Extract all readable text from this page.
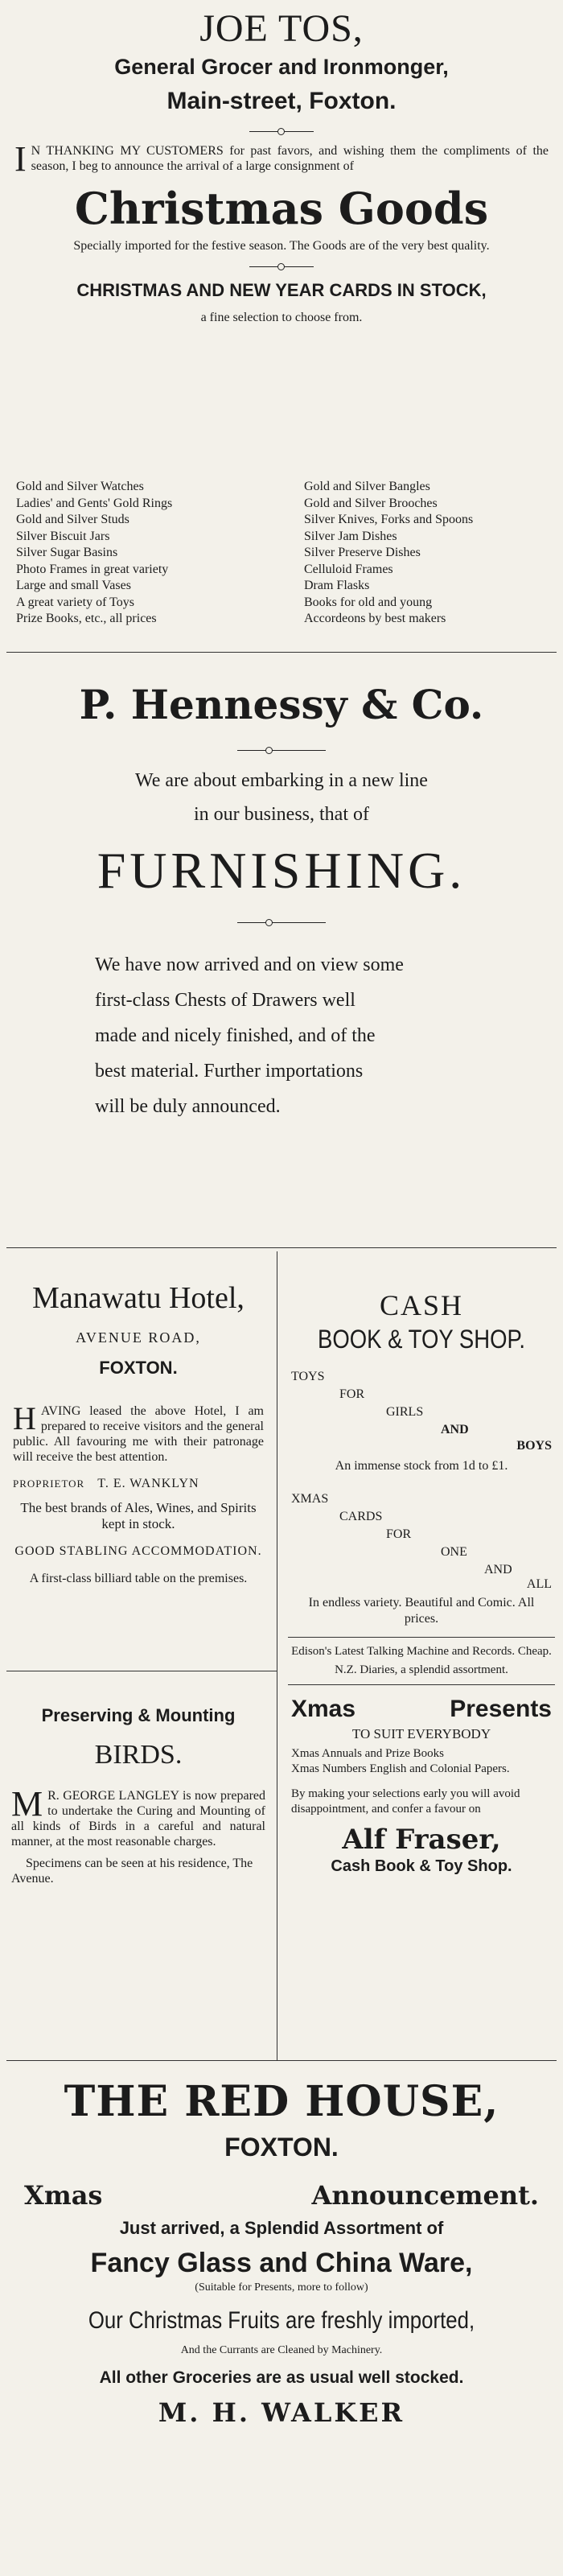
JOE TOS,
General Grocer and Ironmonger,
Main-street, Foxton.
I N THANKING MY CUSTOMERS for past favors, and wishing them the compliments of the season, I beg to announce the arrival of a large consignment of
Christmas Goods
Specially imported for the festive season. The Goods are of the very best quality.
CHRISTMAS AND NEW YEAR CARDS IN STOCK,
a fine selection to choose from.
Gold and Silver Watches
Ladies' and Gents' Gold Rings
Gold and Silver Studs
Silver Biscuit Jars
Silver Sugar Basins
Photo Frames in great variety
Large and small Vases
A great variety of Toys
Prize Books, etc., all prices
Gold and Silver Bangles
Gold and Silver Brooches
Silver Knives, Forks and Spoons
Silver Jam Dishes
Silver Preserve Dishes
Celluloid Frames
Dram Flasks
Books for old and young
Accordeons by best makers
P. Hennessy & Co.
We are about embarking in a new line
in our business, that of
FURNISHING.
We have now arrived and on view some
first-class Chests of Drawers well
made and nicely finished, and of the
best material. Further importations
will be duly announced.
Manawatu Hotel,
AVENUE ROAD,
FOXTON.
H AVING leased the above Hotel, I am prepared to receive visitors and the general public. All favouring me with their patronage will receive the best attention.
PROPRIETOR T. E. WANKLYN
The best brands of Ales, Wines, and Spirits kept in stock.
GOOD STABLING ACCOMMODATION.
A first-class billiard table on the premises.
Preserving & Mounting
BIRDS.
M R. GEORGE LANGLEY is now prepared to undertake the Curing and Mounting of all kinds of Birds in a careful and natural manner, at the most reasonable charges.
Specimens can be seen at his residence, The Avenue.
CASH
BOOK & TOY SHOP.
TOYS
FOR
GIRLS
AND
BOYS
An immense stock from 1d to £1.
XMAS
CARDS
FOR
ONE
AND
ALL
In endless variety. Beautiful and Comic. All prices.
Edison's Latest Talking Machine and Records. Cheap.
N.Z. Diaries, a splendid assortment.
Xmas	Presents
TO SUIT EVERYBODY
Xmas Annuals and Prize Books
Xmas Numbers English and Colonial Papers.
By making your selections early you will avoid disappointment, and confer a favour on
Alf Fraser,
Cash Book & Toy Shop.
THE RED HOUSE,
FOXTON.
Xmas	Announcement.
Just arrived, a Splendid Assortment of
Fancy Glass and China Ware,
(Suitable for Presents, more to follow)
Our Christmas Fruits are freshly imported,
And the Currants are Cleaned by Machinery.
All other Groceries are as usual well stocked.
M. H. WALKER
